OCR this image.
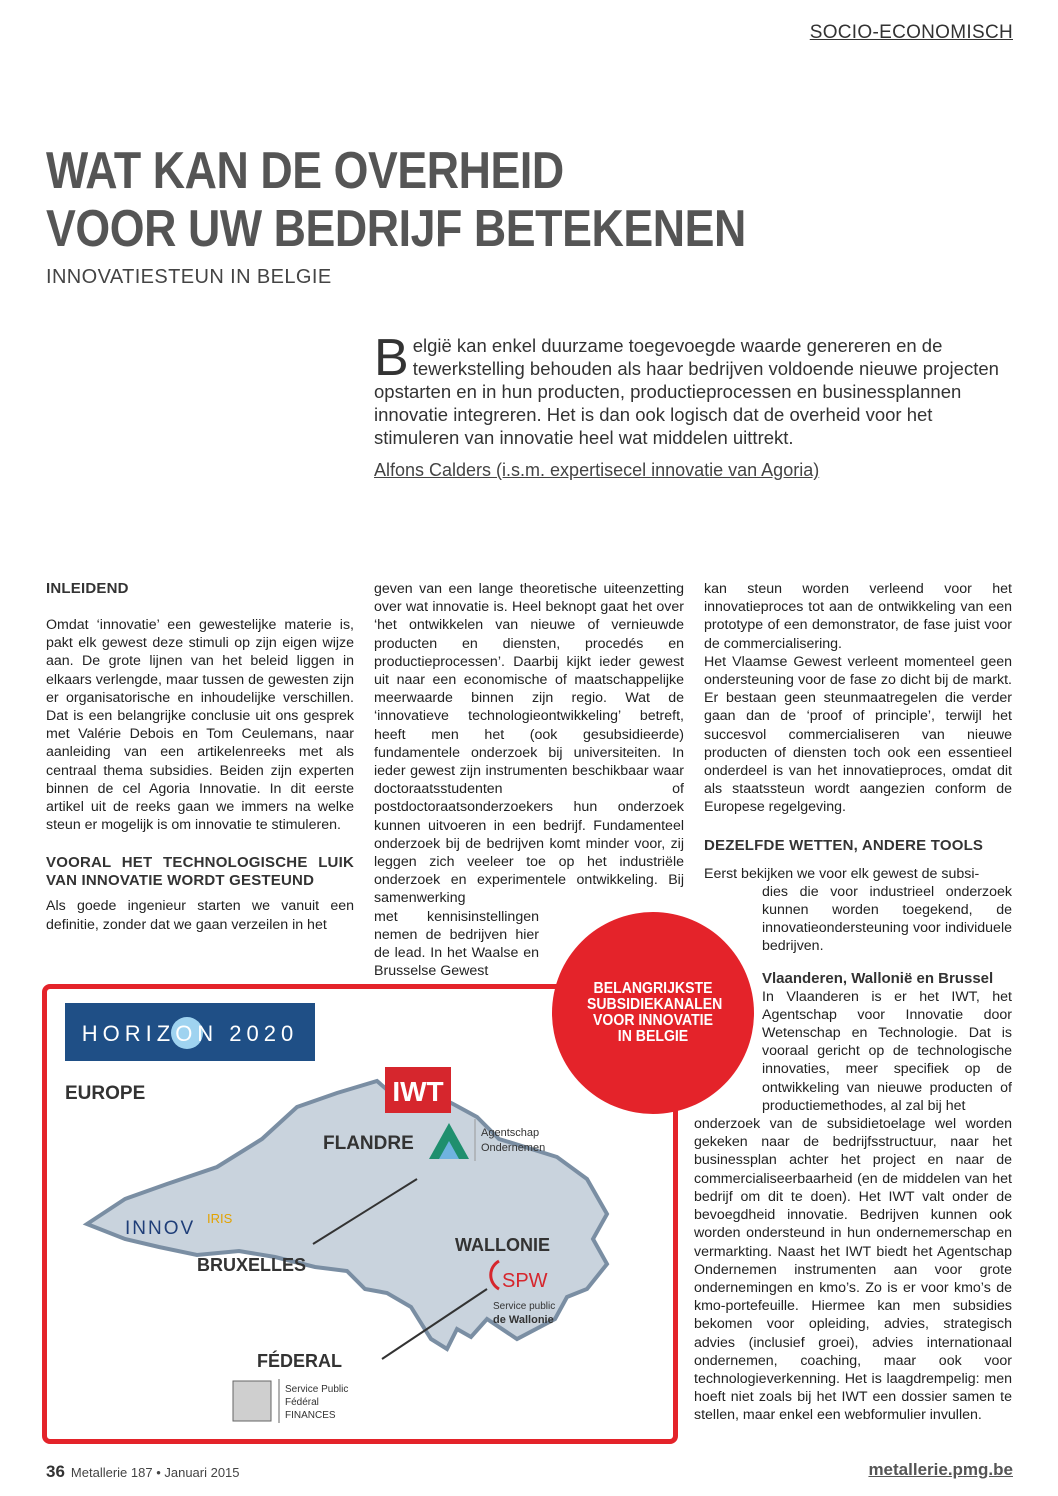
SOCIO-ECONOMISCH
WAT KAN DE OVERHEID
VOOR UW BEDRIJF BETEKENEN
INNOVATIESTEUN IN BELGIE
België kan enkel duurzame toegevoegde waarde genereren en de tewerkstelling behouden als haar bedrijven voldoende nieuwe projecten opstarten en in hun producten, productieprocessen en businessplannen innovatie integreren. Het is dan ook logisch dat de overheid voor het stimuleren van innovatie heel wat middelen uittrekt.
Alfons Calders (i.s.m. expertisecel innovatie van Agoria)
INLEIDEND

Omdat ‘innovatie’ een gewestelijke materie is, pakt elk gewest deze stimuli op zijn eigen wijze aan. De grote lijnen van het beleid liggen in elkaars verlengde, maar tussen de gewesten zijn er organisatorische en inhoudelijke verschillen. Dat is een belangrijke conclusie uit ons gesprek met Valérie Debois en Tom Ceulemans, naar aanleiding van een artikelenreeks met als centraal thema subsidies. Beiden zijn experten binnen de cel Agoria Innovatie. In dit eerste artikel uit de reeks gaan we immers na welke steun er mogelijk is om innovatie te stimuleren.

VOORAL HET TECHNOLOGISCHE LUIK VAN INNOVATIE WORDT GESTEUND

Als goede ingenieur starten we vanuit een definitie, zonder dat we gaan verzeilen in het

geven van een lange theoretische uiteenzetting over wat innovatie is. Heel beknopt gaat het over ‘het ontwikkelen van nieuwe of vernieuwde producten en diensten, procedés en productieprocessen’. Daarbij kijkt ieder gewest uit naar een economische of maatschappelijke meerwaarde binnen zijn regio. Wat de ‘innovatieve technologieontwikkeling’ betreft, heeft men het (ook gesubsidieerde) fundamentele onderzoek bij universiteiten. In ieder gewest zijn instrumenten beschikbaar waar doctoraatsstudenten of postdoctoraatsonderzoekers hun onderzoek kunnen uitvoeren in een bedrijf. Fundamenteel onderzoek bij de bedrijven komt minder voor, zij leggen zich veeleer toe op het industriële onderzoek en experimentele ontwikkeling. Bij samenwerking

met kennisinstellingen nemen de bedrijven hier de lead. In het Waalse en Brusselse Gewest

kan steun worden verleend voor het innovatieproces tot aan de ontwikkeling van een prototype of een demonstrator, de fase juist voor de commercialisering.

Het Vlaamse Gewest verleent momenteel geen ondersteuning voor de fase zo dicht bij de markt. Er bestaan geen steunmaatregelen die verder gaan dan de ‘proof of principle’, terwijl het succesvol commercialiseren van nieuwe producten of diensten toch ook een essentieel onderdeel is van het innovatieproces, omdat dit als staatssteun wordt aangezien conform de Europese regelgeving.

DEZELFDE WETTEN, ANDERE TOOLS

Eerst bekijken we voor elk gewest de subsi-

dies die voor industrieel onderzoek kunnen worden toegekend, de innovatieondersteuning voor individuele bedrijven.

Vlaanderen, Wallonië en Brussel

In Vlaanderen is er het IWT, het Agentschap voor Innovatie door Wetenschap en Technologie. Dat is vooraal gericht op de technologische innovaties, meer specifiek op de ontwikkeling van nieuwe producten of productiemethodes, al zal bij het

onderzoek van de subsidietoelage wel worden gekeken naar de bedrijfsstructuur, naar het businessplan achter het project en naar de commercialiseerbaarheid (en de middelen van het bedrijf om dit te doen). Het IWT valt onder de bevoegdheid innovatie. Bedrijven kunnen ook worden ondersteund in hun ondernemerschap en vermarkting. Naast het IWT biedt het Agentschap Ondernemen instrumenten aan voor grote ondernemingen en kmo’s. Zo is er voor kmo’s de kmo-portefeuille. Hiermee kan men subsidies bekomen voor opleiding, advies, strategisch advies (inclusief groei), advies internationaal ondernemen, coaching, maar ook voor technologieverkenning. Het is laagdrempelig: men hoeft niet zoals bij het IWT een dossier samen te stellen, maar enkel een webformulier invullen.

HORIZON 2020
EUROPE	IWT
FLANDRE	Agentschap
Ondernemen
INNOV IRIS
BRUXELLES
WALLONIE
SPW
Service public
de Wallonie
FÉDERAL
Service Public
Fédéral
FINANCES
BELANGRIJKSTE
SUBSIDIEKANALEN
VOOR INNOVATIE
IN BELGIE
36 Metallerie 187 • Januari 2015	metallerie.pmg.be
